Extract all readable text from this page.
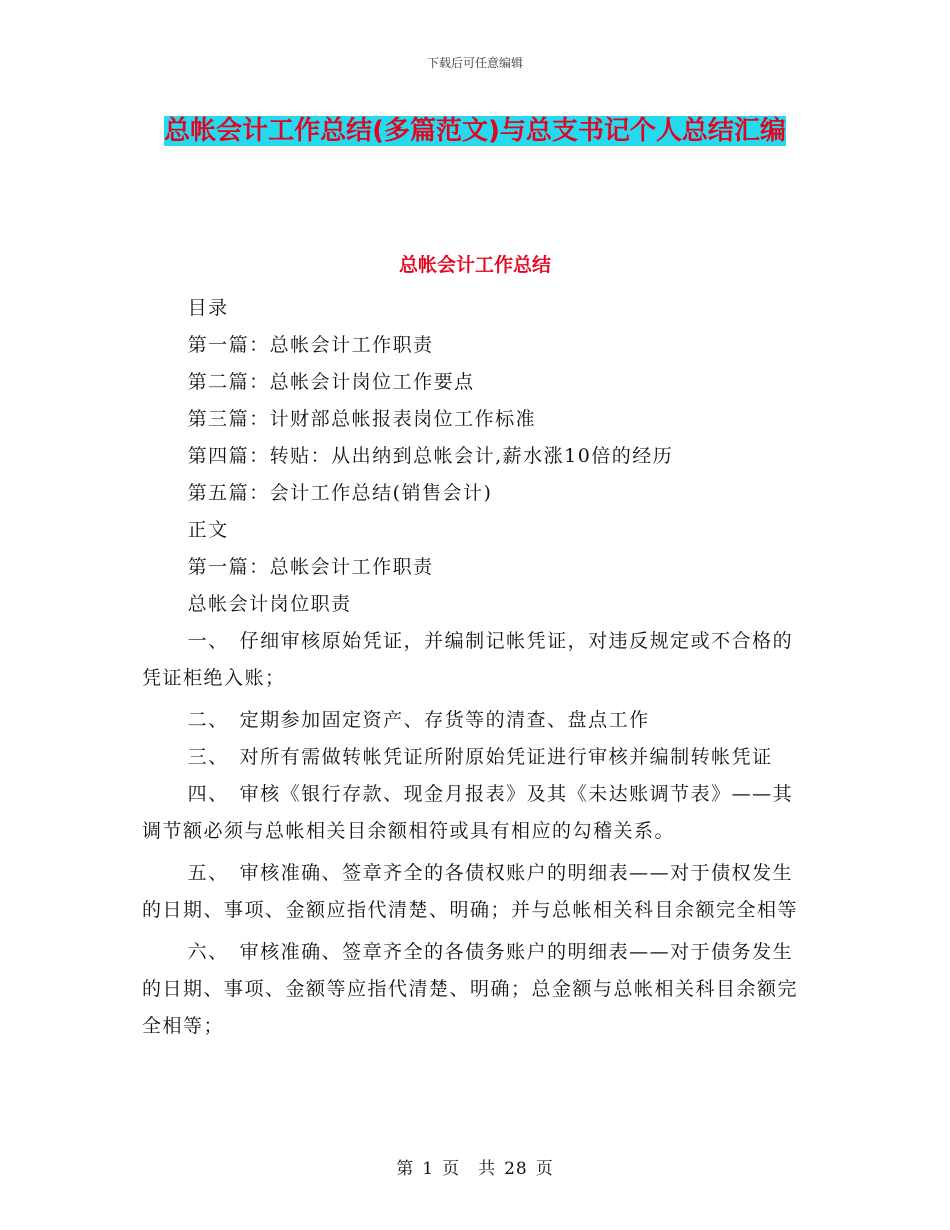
下载后可任意编辑
总帐会计工作总结(多篇范文)与总支书记个人总结汇编
总帐会计工作总结

目录

第一篇：总帐会计工作职责

第二篇：总帐会计岗位工作要点

第三篇：计财部总帐报表岗位工作标准

第四篇：转贴：从出纳到总帐会计,薪水涨10倍的经历

第五篇：会计工作总结(销售会计)

正文

第一篇：总帐会计工作职责

总帐会计岗位职责

一、　仔细审核原始凭证，并编制记帐凭证，对违反规定或不合格的凭证柜绝入账；

二、　定期参加固定资产、存货等的清查、盘点工作

三、　对所有需做转帐凭证所附原始凭证进行审核并编制转帐凭证

四、　审核《银行存款、现金月报表》及其《未达账调节表》——其调节额必须与总帐相关目余额相符或具有相应的勾稽关系。

五、　审核准确、签章齐全的各债权账户的明细表——对于债权发生的日期、事项、金额应指代清楚、明确；并与总帐相关科目余额完全相等

六、　审核准确、签章齐全的各债务账户的明细表——对于债务发生的日期、事项、金额等应指代清楚、明确；总金额与总帐相关科目余额完全相等；

第 1 页　共 28 页
